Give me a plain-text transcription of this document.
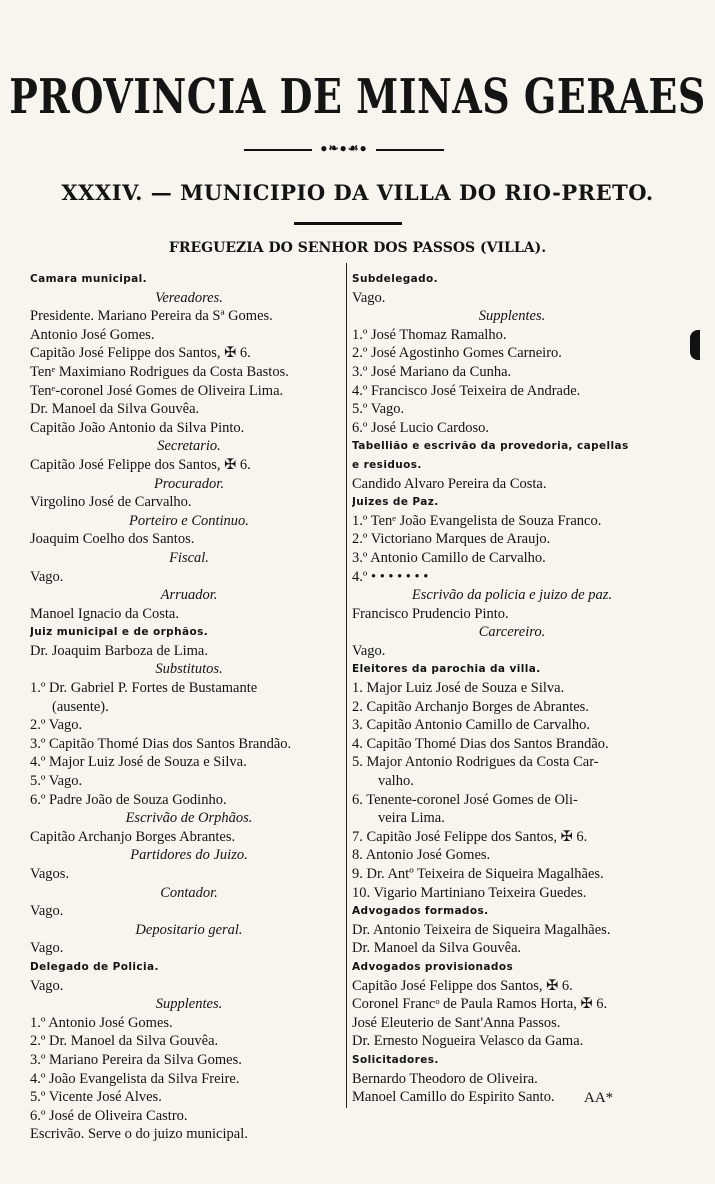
PROVINCIA DE MINAS GERAES
●❧●☙●
XXXIV. — MUNICIPIO DA VILLA DO RIO-PRETO.
FREGUEZIA DO SENHOR DOS PASSOS (VILLA).
Camara municipal.
Vereadores.
Presidente. Mariano Pereira da Sª Gomes.
Antonio José Gomes.
Capitão José Felippe dos Santos, ✠ 6.
Tenᵉ Maximiano Rodrigues da Costa Bastos.
Tenᵉ-coronel José Gomes de Oliveira Lima.
Dr. Manoel da Silva Gouvêa.
Capitão João Antonio da Silva Pinto.
Secretario.
Capitão José Felippe dos Santos, ✠ 6.
Procurador.
Virgolino José de Carvalho.
Porteiro e Continuo.
Joaquim Coelho dos Santos.
Fiscal.
Vago.
Arruador.
Manoel Ignacio da Costa.
Juiz municipal e de orphãos.
Dr. Joaquim Barboza de Lima.
Substitutos.
1.º Dr. Gabriel P. Fortes de Bustamante
(ausente).
2.º Vago.
3.º Capitão Thomé Dias dos Santos Brandão.
4.º Major Luiz José de Souza e Silva.
5.º Vago.
6.º Padre João de Souza Godinho.
Escrivão de Orphãos.
Capitão Archanjo Borges Abrantes.
Partidores do Juizo.
Vagos.
Contador.
Vago.
Depositario geral.
Vago.
Delegado de Policia.
Vago.
Supplentes.
1.º Antonio José Gomes.
2.º Dr. Manoel da Silva Gouvêa.
3.º Mariano Pereira da Silva Gomes.
4.º João Evangelista da Silva Freire.
5.º Vicente José Alves.
6.º José de Oliveira Castro.
Escrivão. Serve o do juizo municipal.
Subdelegado.
Vago.
Supplentes.
1.º José Thomaz Ramalho.
2.º José Agostinho Gomes Carneiro.
3.º José Mariano da Cunha.
4.º Francisco José Teixeira de Andrade.
5.º Vago.
6.º José Lucio Cardoso.
Tabellião e escrivão da provedoria, capellas
e residuos.
Candido Alvaro Pereira da Costa.
Juizes de Paz.
1.º Tenᵉ João Evangelista de Souza Franco.
2.º Victoriano Marques de Araujo.
3.º Antonio Camillo de Carvalho.
4.º • • • • • • •
Escrivão da policia e juizo de paz.
Francisco Prudencio Pinto.
Carcereiro.
Vago.
Eleitores da parochia da villa.
1. Major Luiz José de Souza e Silva.
2. Capitão Archanjo Borges de Abrantes.
3. Capitão Antonio Camillo de Carvalho.
4. Capitão Thomé Dias dos Santos Brandão.
5. Major Antonio Rodrigues da Costa Car-
valho.
6. Tenente-coronel José Gomes de Oli-
veira Lima.
7. Capitão José Felippe dos Santos, ✠ 6.
8. Antonio José Gomes.
9. Dr. Antº Teixeira de Siqueira Magalhães.
10. Vigario Martiniano Teixeira Guedes.
Advogados formados.
Dr. Antonio Teixeira de Siqueira Magalhães.
Dr. Manoel da Silva Gouvêa.
Advogados provisionados
Capitão José Felippe dos Santos, ✠ 6.
Coronel Francᵒ de Paula Ramos Horta, ✠ 6.
José Eleuterio de Sant'Anna Passos.
Dr. Ernesto Nogueira Velasco da Gama.
Solicitadores.
Bernardo Theodoro de Oliveira.
Manoel Camillo do Espirito Santo.	AA*
